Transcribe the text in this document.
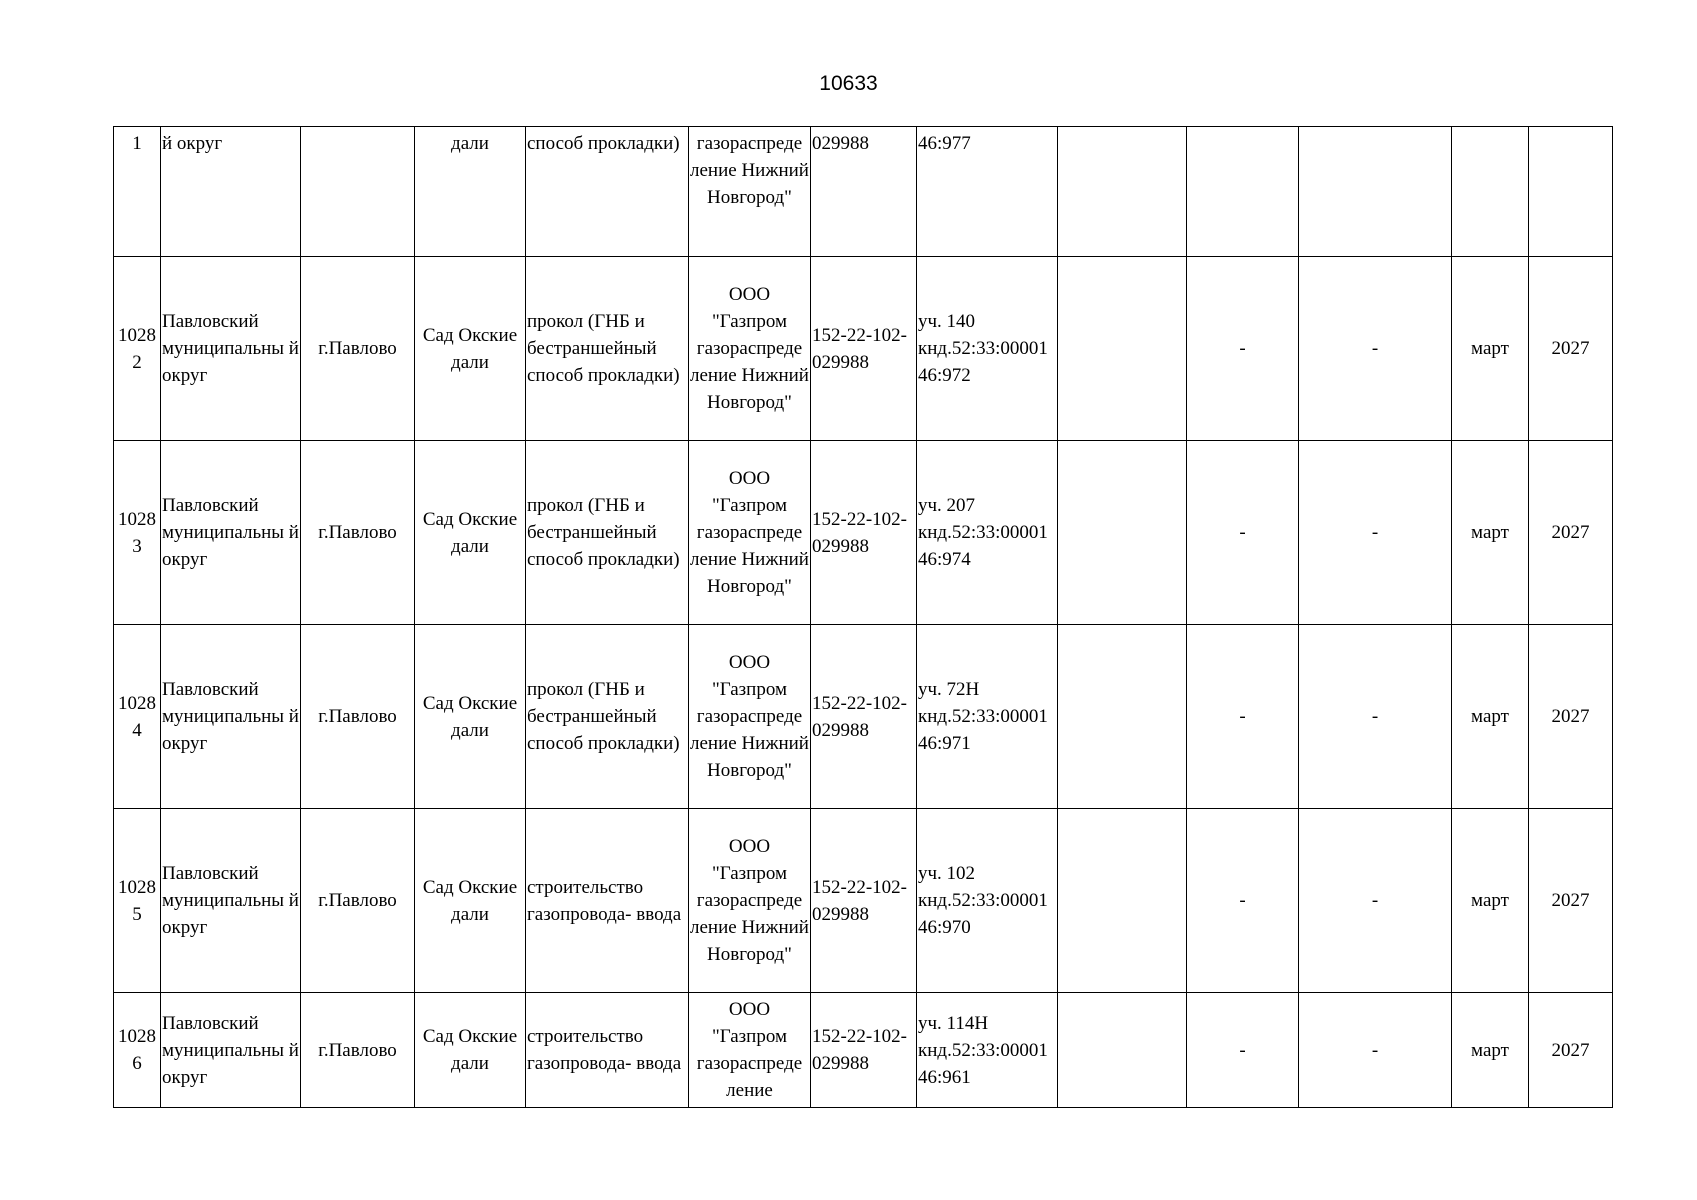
10633
1	й округ		дали	способ прокладки)	газораспреде ление Нижний Новгород"	029988	46:977					
1028 2	Павловский муниципальны й округ	г.Павлово	Сад Окские дали	прокол (ГНБ и бестраншейный способ прокладки)	ООО "Газпром газораспреде ление Нижний Новгород"	152-22-102- 029988	уч. 140 кнд.52:33:00001 46:972		-	-	март	2027
1028 3	Павловский муниципальны й округ	г.Павлово	Сад Окские дали	прокол (ГНБ и бестраншейный способ прокладки)	ООО "Газпром газораспреде ление Нижний Новгород"	152-22-102- 029988	уч. 207 кнд.52:33:00001 46:974		-	-	март	2027
1028 4	Павловский муниципальны й округ	г.Павлово	Сад Окские дали	прокол (ГНБ и бестраншейный способ прокладки)	ООО "Газпром газораспреде ление Нижний Новгород"	152-22-102- 029988	уч. 72Н кнд.52:33:00001 46:971		-	-	март	2027
1028 5	Павловский муниципальны й округ	г.Павлово	Сад Окские дали	строительство газопровода- ввода	ООО "Газпром газораспреде ление Нижний Новгород"	152-22-102- 029988	уч. 102 кнд.52:33:00001 46:970		-	-	март	2027
1028 6	Павловский муниципальны й округ	г.Павлово	Сад Окские дали	строительство газопровода- ввода	ООО "Газпром газораспреде ление	152-22-102- 029988	уч. 114Н кнд.52:33:00001 46:961		-	-	март	2027
